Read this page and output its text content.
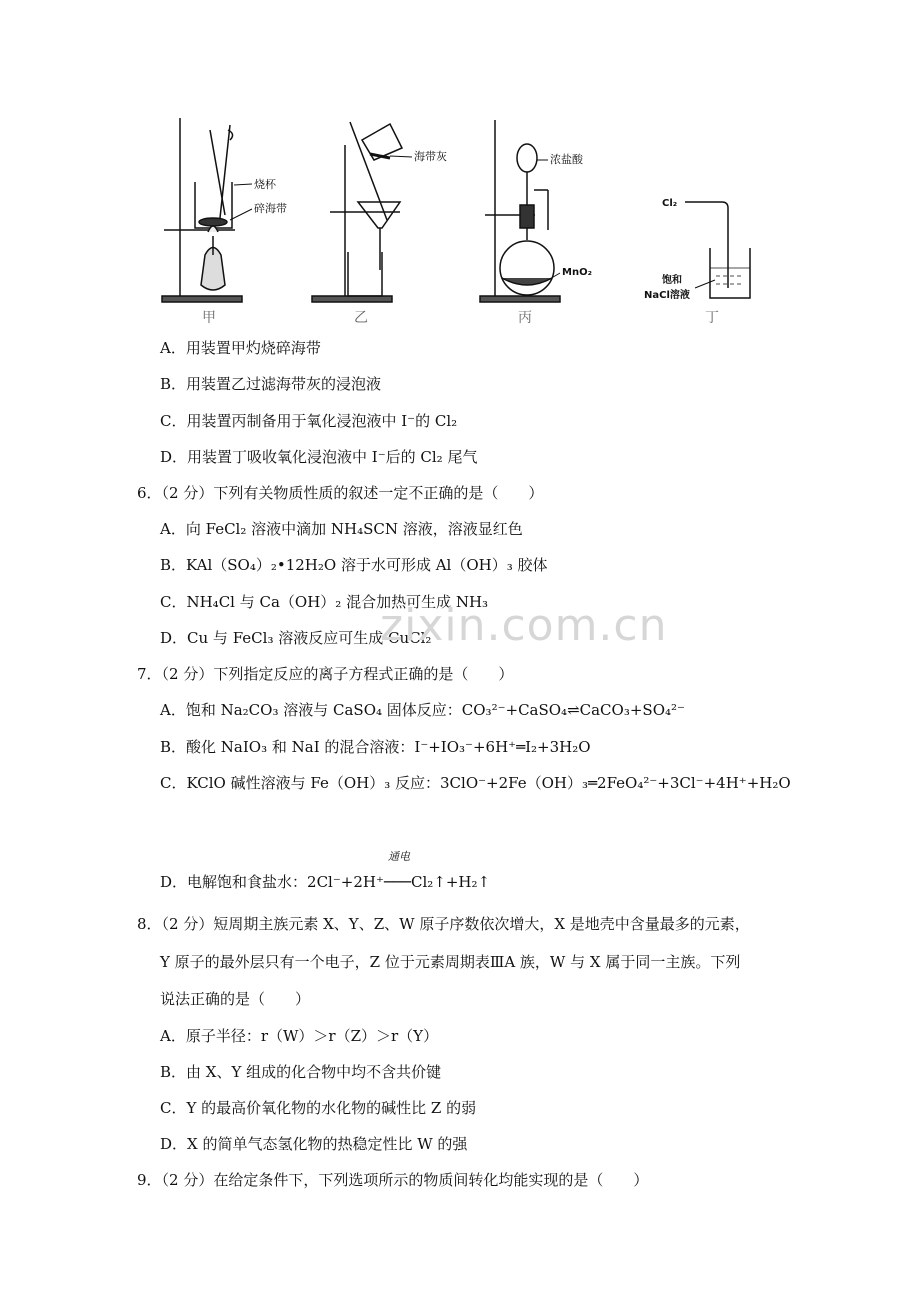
烧杯
碎海带
海带灰	浓盐酸
MnO₂
Cl₂
饱和
NaCl溶液
甲	乙	丙	丁
A．用装置甲灼烧碎海带
B．用装置乙过滤海带灰的浸泡液
C．用装置丙制备用于氧化浸泡液中 I⁻的 Cl₂
D．用装置丁吸收氧化浸泡液中 I⁻后的 Cl₂ 尾气
6．（2 分）下列有关物质性质的叙述一定不正确的是（　　）
A．向 FeCl₂ 溶液中滴加 NH₄SCN 溶液，溶液显红色
B．KAl（SO₄）₂•12H₂O 溶于水可形成 Al（OH）₃ 胶体
C．NH₄Cl 与 Ca（OH）₂ 混合加热可生成 NH₃
D．Cu 与 FeCl₃ 溶液反应可生成 CuCl₂
zixin.com.cn
7．（2 分）下列指定反应的离子方程式正确的是（　　）
A．饱和 Na₂CO₃ 溶液与 CaSO₄ 固体反应：CO₃²⁻+CaSO₄⇌CaCO₃+SO₄²⁻
B．酸化 NaIO₃ 和 NaI 的混合溶液：I⁻+IO₃⁻+6H⁺═I₂+3H₂O
C．KClO 碱性溶液与 Fe（OH）₃ 反应：3ClO⁻+2Fe（OH）₃═2FeO₄²⁻+3Cl⁻+4H⁺+H₂O
通电
D．电解饱和食盐水：2Cl⁻+2H⁺───Cl₂↑+H₂↑
8．（2 分）短周期主族元素 X、Y、Z、W 原子序数依次增大，X 是地壳中含量最多的元素，
Y 原子的最外层只有一个电子，Z 位于元素周期表ⅢA 族，W 与 X 属于同一主族。下列
说法正确的是（　　）
A．原子半径：r（W）＞r（Z）＞r（Y）
B．由 X、Y 组成的化合物中均不含共价键
C．Y 的最高价氧化物的水化物的碱性比 Z 的弱
D．X 的简单气态氢化物的热稳定性比 W 的强
9．（2 分）在给定条件下，下列选项所示的物质间转化均能实现的是（　　）
